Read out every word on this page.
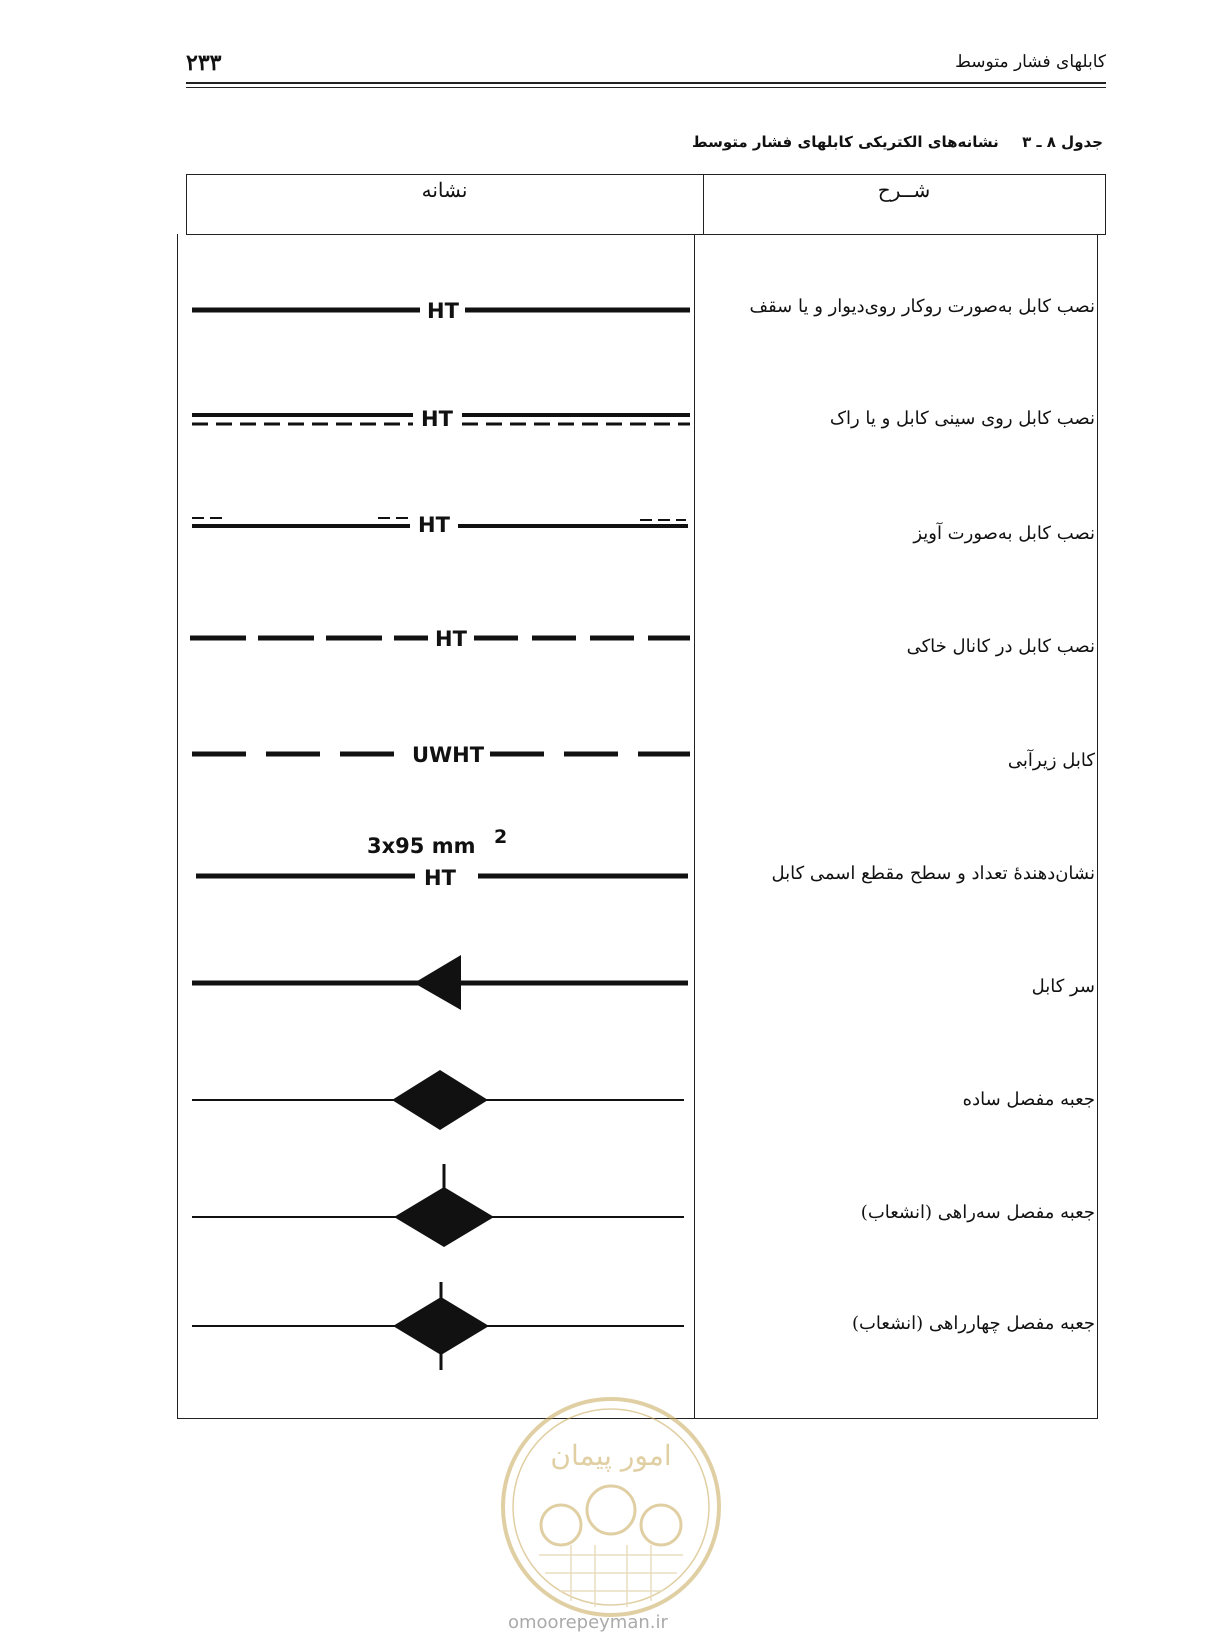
۲۳۳	کابلهای فشار متوسط
جدول ۸ ـ ۳ نشانه‌های الکتریکی کابلهای فشار متوسط
نشانه	شــرح
نصب کابل به‌صورت روکار روی‌دیوار و یا سقف
نصب کابل روی سینی کابل و یا راک
نصب کابل به‌صورت آویز
نصب کابل در کانال خاکی
کابل زیرآبی
نشان‌دهندهٔ تعداد و سطح مقطع اسمی کابل
سر کابل
جعبه مفصل ساده
جعبه مفصل سه‌راهی (انشعاب)
جعبه مفصل چهارراهی (انشعاب)
HT
HT
HT
HT
UWHT
3x95 mm 2
HT
امور پیمان
omoorepeyman.ir
